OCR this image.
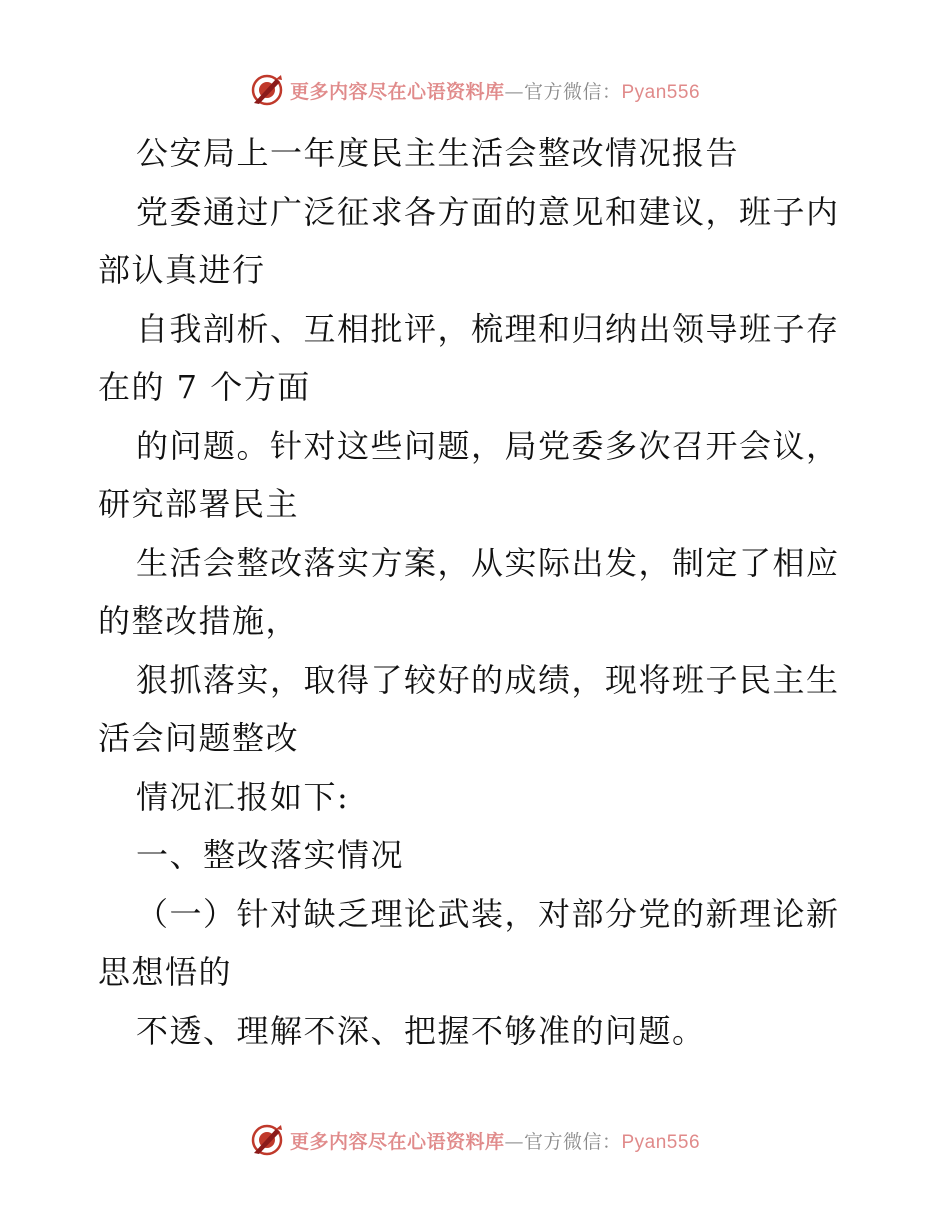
更多内容尽在心语资料库—官方微信：Pyan556

公安局上一年度民主生活会整改情况报告

党委通过广泛征求各方面的意见和建议，班子内部认真进行

自我剖析、互相批评，梳理和归纳出领导班子存在的 7 个方面

的问题。针对这些问题，局党委多次召开会议，研究部署民主

生活会整改落实方案，从实际出发，制定了相应的整改措施，

狠抓落实，取得了较好的成绩，现将班子民主生活会问题整改

情况汇报如下:

一、整改落实情况

（一）针对缺乏理论武装，对部分党的新理论新思想悟的

不透、理解不深、把握不够准的问题。

更多内容尽在心语资料库—官方微信：Pyan556
